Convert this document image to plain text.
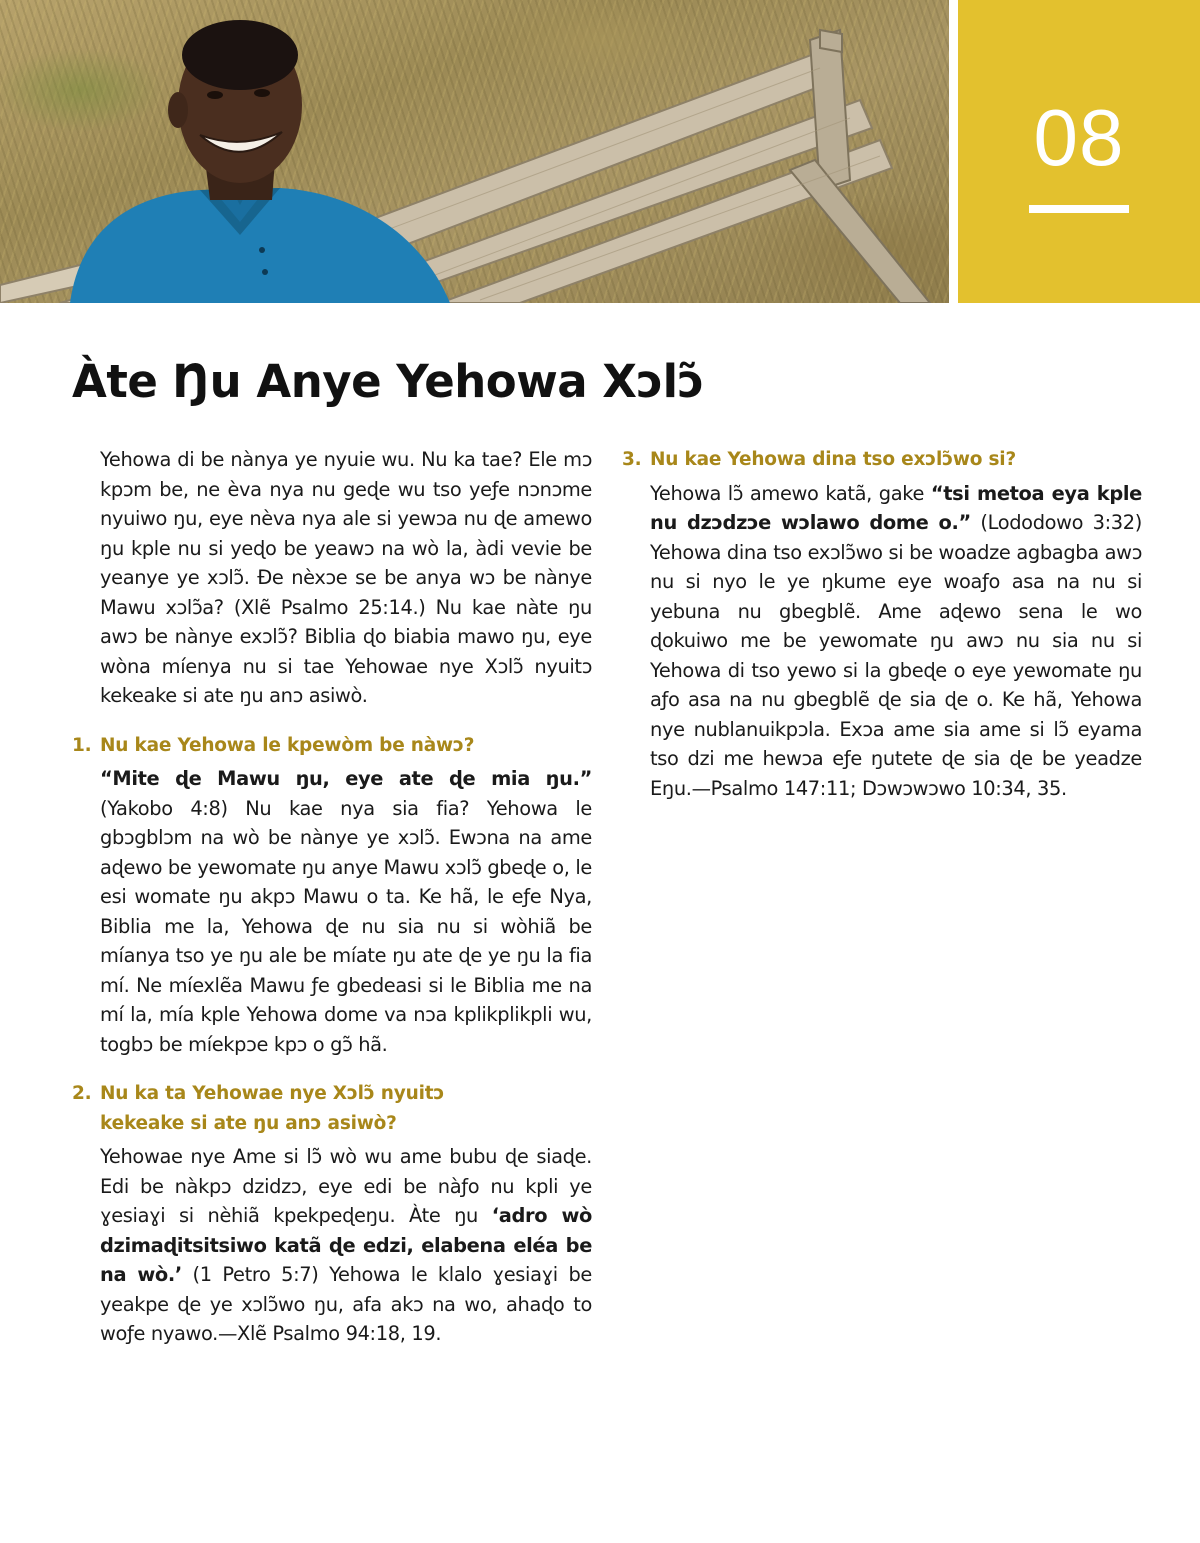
08
Àte Ŋu Anye Yehowa Xɔlɔ̃

Yehowa di be nànya ye nyuie wu. Nu ka tae? Ele mɔ kpɔm be, ne èva nya nu geɖe wu tso yeƒe nɔnɔme nyuiwo ŋu, eye nèva nya ale si yewɔa nu ɖe amewo ŋu kple nu si yeɖo be yeawɔ na wò la, àdi vevie be yeanye ye xɔlɔ̃. Ðe nèxɔe se be anya wɔ be nànye Mawu xɔlɔ̃a? (Xlẽ Psalmo 25:14.) Nu kae nàte ŋu awɔ be nànye exɔlɔ̃? Biblia ɖo biabia mawo ŋu, eye wòna míenya nu si tae Yehowae nye Xɔlɔ̃ nyuitɔ kekeake si ate ŋu anɔ asiwò.

1. Nu kae Yehowa le kpewòm be nàwɔ?

“Mite ɖe Mawu ŋu, eye ate ɖe mia ŋu.” (Yakobo 4:8) Nu kae nya sia fia? Yehowa le gbɔgblɔm na wò be nànye ye xɔlɔ̃. Ewɔna na ame aɖewo be yewomate ŋu anye Mawu xɔlɔ̃ gbeɖe o, le esi womate ŋu akpɔ Mawu o ta. Ke hã, le eƒe Nya, Biblia me la, Yehowa ɖe nu sia nu si wòhiã be míanya tso ye ŋu ale be míate ŋu ate ɖe ye ŋu la fia mí. Ne míexlẽa Mawu ƒe gbedeasi si le Biblia me na mí la, mía kple Yehowa dome va nɔa kplikplikpli wu, togbɔ be míekpɔe kpɔ o gɔ̃ hã.

2. Nu ka ta Yehowae nye Xɔlɔ̃ nyuitɔ
kekeake si ate ŋu anɔ asiwò?

Yehowae nye Ame si lɔ̃ wò wu ame bubu ɖe siaɖe. Edi be nàkpɔ dzidzɔ, eye edi be nàƒo nu kpli ye ɣesiaɣi si nèhiã kpekpeɖeŋu. Àte ŋu ‘adro wò dzimaɖitsitsiwo katã ɖe edzi, elabena eléa be na wò.’ (1 Petro 5:7) Yehowa le klalo ɣesiaɣi be yeakpe ɖe ye xɔlɔ̃wo ŋu, afa akɔ na wo, ahaɖo to woƒe nyawo.—Xlẽ Psalmo 94:18, 19.

3. Nu kae Yehowa dina tso exɔlɔ̃wo si?

Yehowa lɔ̃ amewo katã, gake “tsi metoa eya kple nu dzɔdzɔe wɔlawo dome o.” (Lododowo 3:32) Yehowa dina tso exɔlɔ̃wo si be woadze agbagba awɔ nu si nyo le ye ŋkume eye woaƒo asa na nu si yebuna nu gbegblẽ. Ame aɖewo sena le wo ɖokuiwo me be yewomate ŋu awɔ nu sia nu si Yehowa di tso yewo si la gbeɖe o eye yewomate ŋu aƒo asa na nu gbegblẽ ɖe sia ɖe o. Ke hã, Yehowa nye nublanuikpɔla. Exɔa ame sia ame si lɔ̃ eyama tso dzi me hewɔa eƒe ŋutete ɖe sia ɖe be yeadze Eŋu.—Psalmo 147:11; Dɔwɔwɔwo 10:34, 35.
